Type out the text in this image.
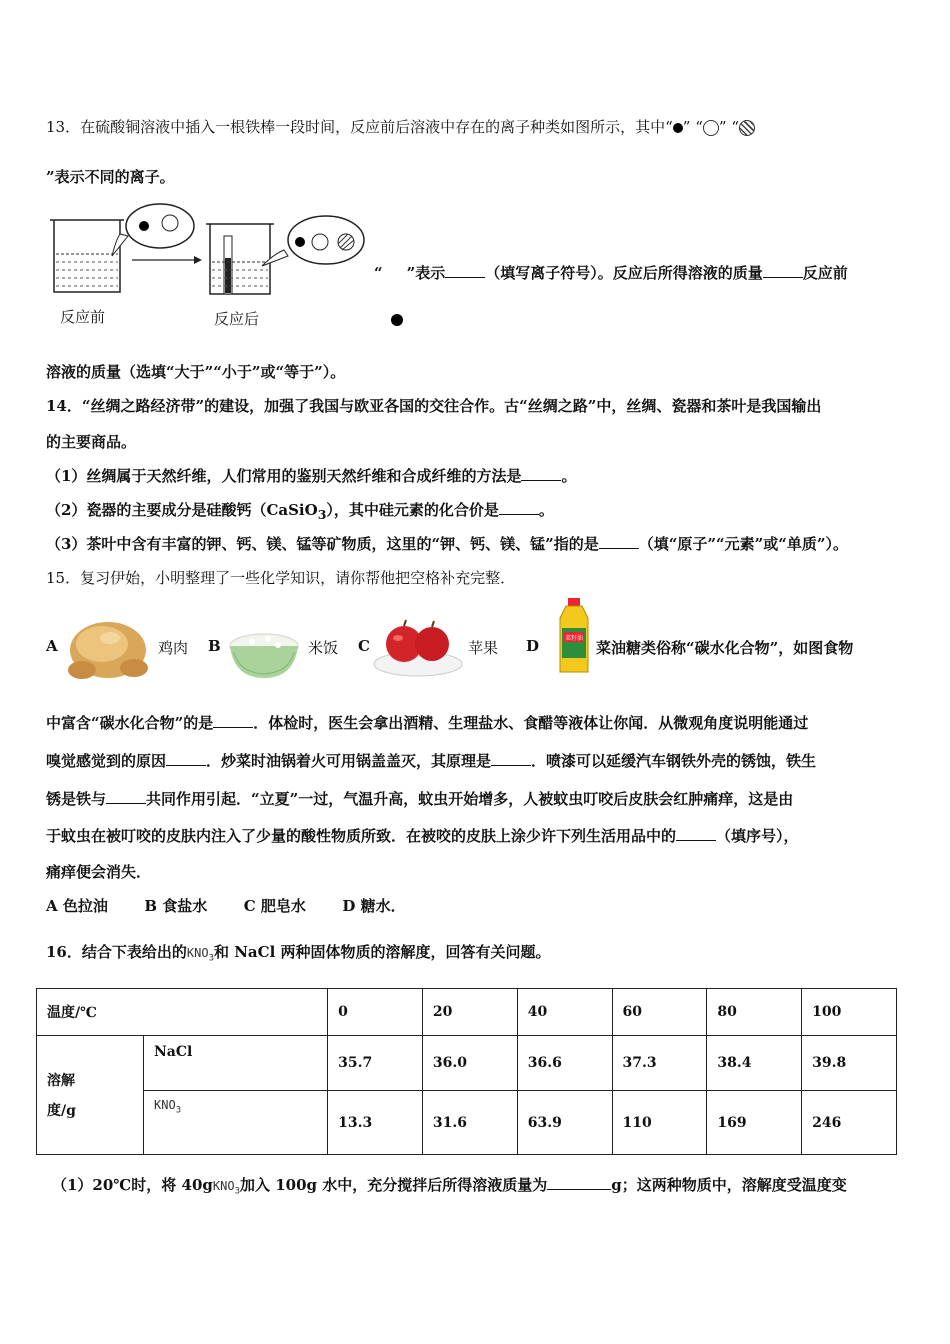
13．在硫酸铜溶液中插入一根铁棒一段时间，反应前后溶液中存在的离子种类如图所示，其中“ ” “ ” “
”表示不同的离子。
反应前	反应后
“ ”表示	（填写离子符号）。反应后所得溶液的质量	反应前
溶液的质量（选填“大于”“小于”或“等于”）。
14．“丝绸之路经济带”的建设，加强了我国与欧亚各国的交往合作。古“丝绸之路”中，丝绸、瓷器和茶叶是我国输出
的主要商品。
（1）丝绸属于天然纤维，人们常用的鉴别天然纤维和合成纤维的方法是	。
（2）瓷器的主要成分是硅酸钙（CaSiO$_3$），其中硅元素的化合价是	。
（3）茶叶中含有丰富的钾、钙、镁、锰等矿物质，这里的“钾、钙、镁、锰”指的是	（填“原子”“元素”或“单质”）。
15．复习伊始，小明整理了一些化学知识，请你帮他把空格补充完整．
A	鸡肉 B	米饭 C	苹果 D	菜籽油
菜油糖类俗称“碳水化合物”，如图食物
中富含“碳水化合物”的是	．体检时，医生会拿出酒精、生理盐水、食醋等液体让你闻．从微观角度说明能通过
嗅觉感觉到的原因	．炒菜时油锅着火可用锅盖盖灭，其原理是	．喷漆可以延缓汽车钢铁外壳的锈蚀，铁生
锈是铁与	共同作用引起．“立夏”一过，气温升高，蚊虫开始增多，人被蚊虫叮咬后皮肤会红肿痛痒，这是由
于蚊虫在被叮咬的皮肤内注入了少量的酸性物质所致．在被咬的皮肤上涂少许下列生活用品中的	（填序号），
痛痒便会消失．
A 色拉油 B 食盐水 C 肥皂水 D 糖水．
16．结合下表给出的$KNO_3$和 NaCl 两种固体物质的溶解度，回答有关问题。
温度/℃		0	20	40	60	80	100

溶解
度/g	NaCl	35.7	36.0	36.6	37.3	38.4	39.8
	$KNO_3$	13.3	31.6	63.9	110	169	246
（1）20℃时，将 40gKNO$_3$加入 100g 水中，充分搅拌后所得溶液质量为	g；这两种物质中，溶解度受温度变
